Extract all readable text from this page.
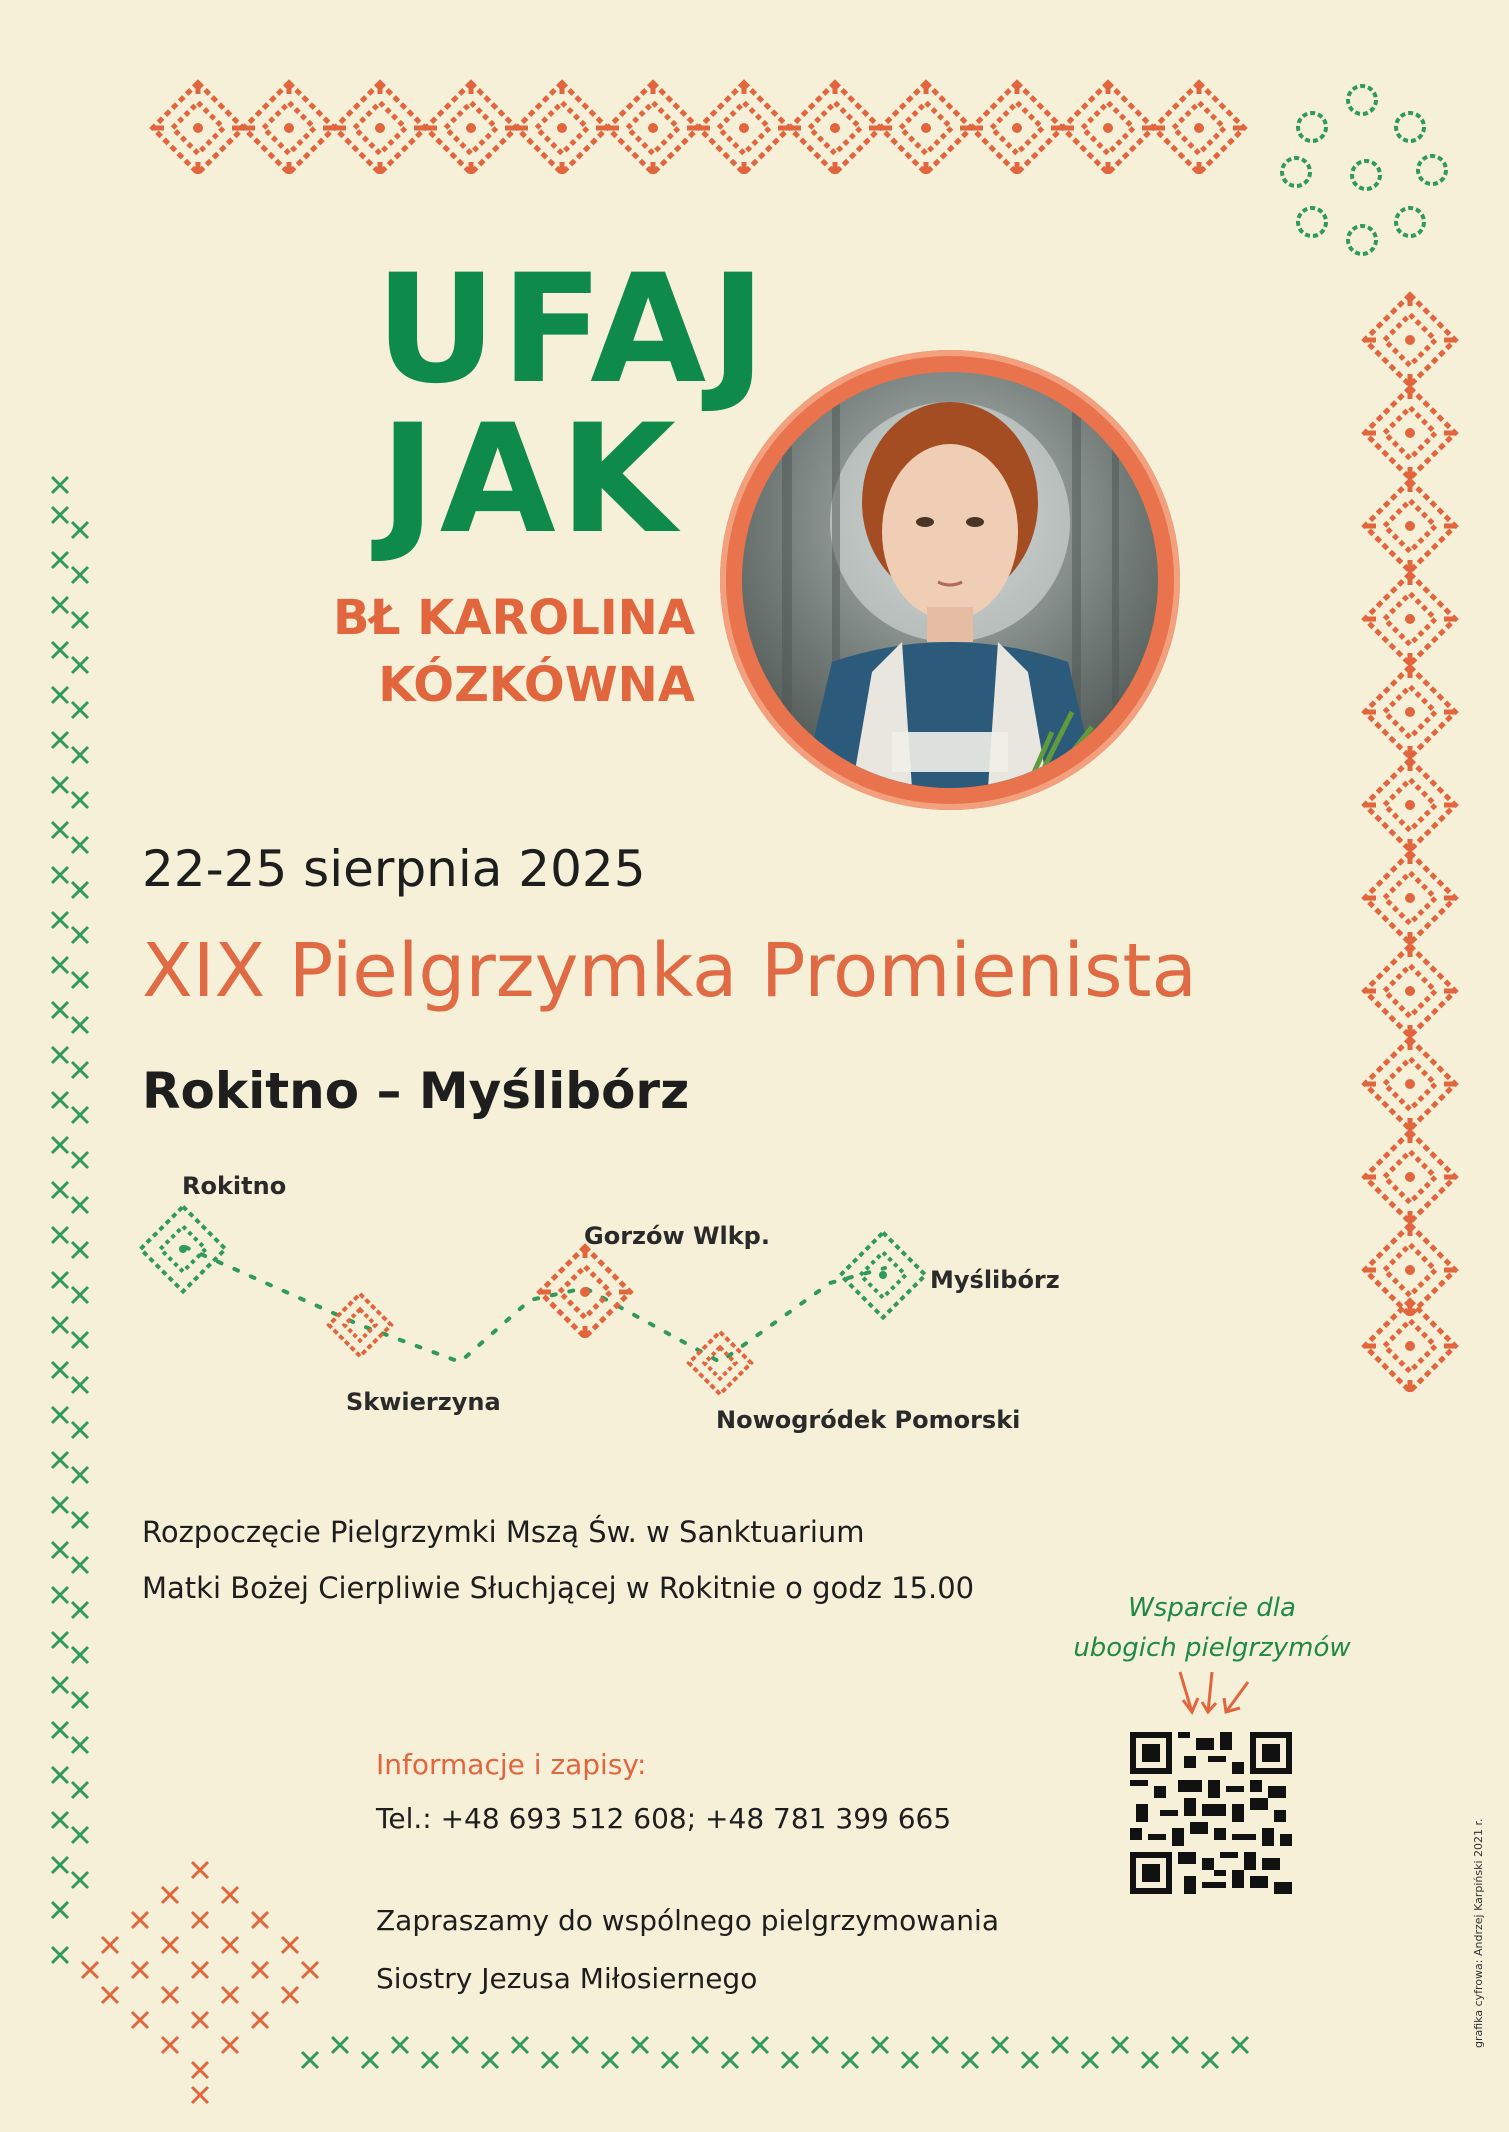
UFAJ
JAK
BŁ KAROLINA
KÓZKÓWNA
22-25 sierpnia 2025
XIX Pielgrzymka Promienista
Rokitno – Myślibórz
Rokitno
Skwierzyna
Gorzów Wlkp.
Nowogródek Pomorski
Myślibórz
Rozpoczęcie Pielgrzymki Mszą Św. w Sanktuarium
Matki Bożej Cierpliwie Słuchjącej w Rokitnie o godz 15.00
Informacje i zapisy:
Tel.: +48 693 512 608; +48 781 399 665
Zapraszamy do wspólnego pielgrzymowania
Siostry Jezusa Miłosiernego
Wsparcie dla
ubogich pielgrzymów
grafika cyfrowa: Andrzej Karpiński 2021 r.
